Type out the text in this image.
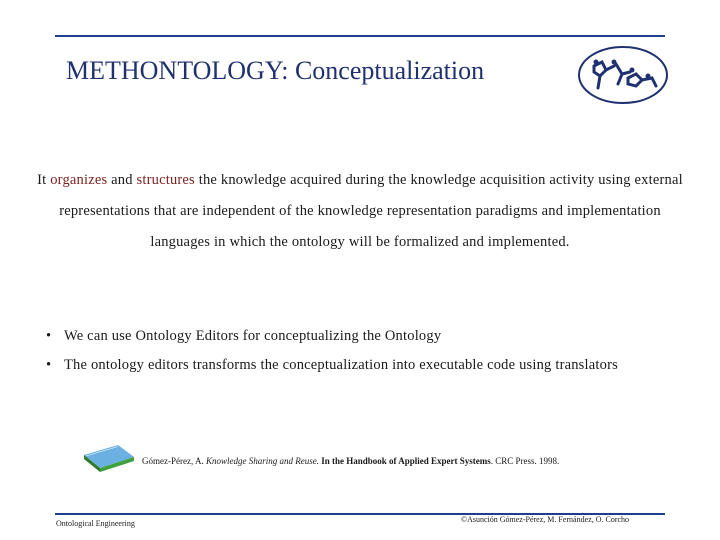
METHONTOLOGY: Conceptualization
It organizes and structures the knowledge acquired during the knowledge acquisition activity using external representations that are independent of the knowledge representation paradigms and implementation languages in which the ontology will be formalized and implemented.
• We can use Ontology Editors for conceptualizing the Ontology
• The ontology editors transforms the conceptualization into executable code using translators
Gómez-Pérez, A. Knowledge Sharing and Reuse. In the Handbook of Applied Expert Systems. CRC Press. 1998.
Ontological Engineering	©Asunción Gómez-Pérez, M. Fernández, O. Corcho
